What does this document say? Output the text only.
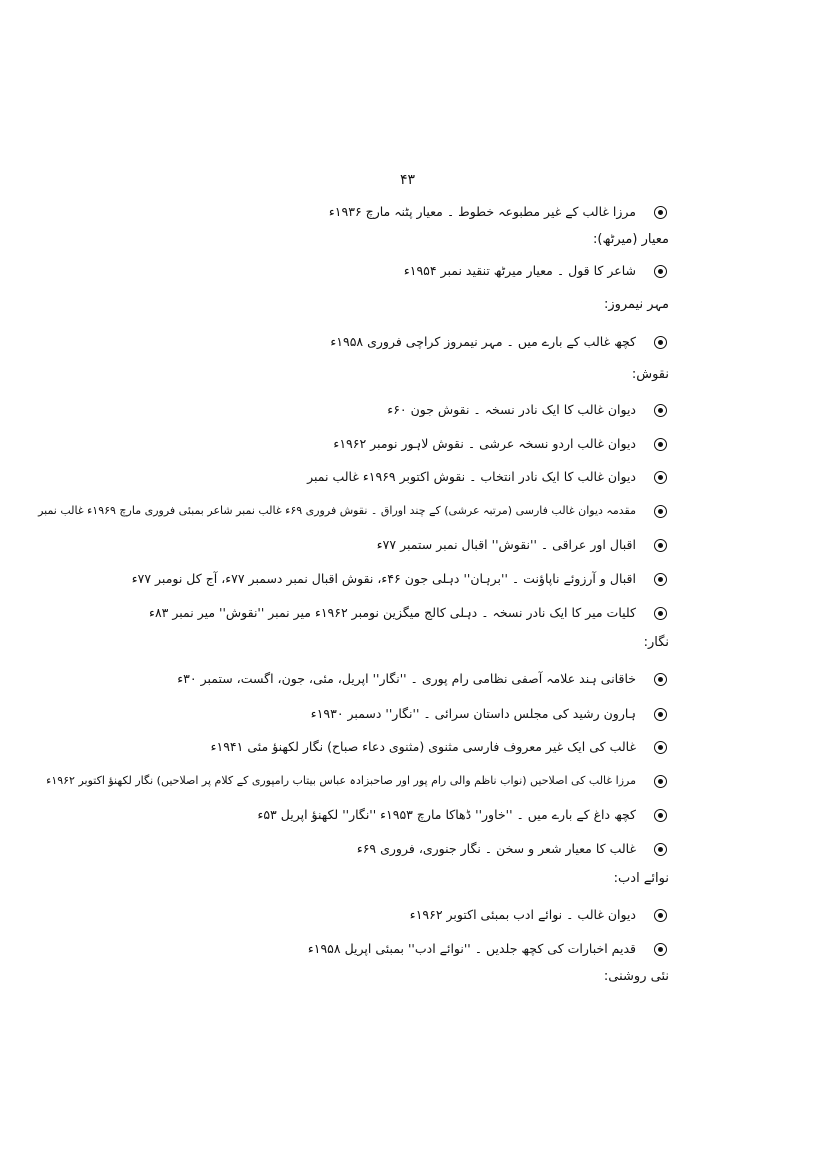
۴۳
مرزا غالب کے غیر مطبوعہ خطوط ۔ معیار پٹنہ مارچ ۱۹۳۶ء
معیار (میرٹھ):
شاعر کا قول ۔ معیار میرٹھ تنقید نمبر ۱۹۵۴ء
مہر نیمروز:
کچھ غالب کے بارے میں ۔ مہر نیمروز کراچی فروری ۱۹۵۸ء
نقوش:
دیوان غالب کا ایک نادر نسخہ ۔ نقوش جون ۶۰ء
دیوان غالب اردو نسخہ عرشی ۔ نقوش لاہور نومبر ۱۹۶۲ء
دیوان غالب کا ایک نادر انتخاب ۔ نقوش اکتوبر ۱۹۶۹ء غالب نمبر
مقدمہ دیوان غالب فارسی (مرتبہ عرشی) کے چند اوراق ۔ نقوش فروری ۶۹ء غالب نمبر شاعر بمبئی فروری مارچ ۱۹۶۹ء غالب نمبر
اقبال اور عراقی ۔ ''نقوش'' اقبال نمبر ستمبر ۷۷ء
اقبال و آرزوئے ناپاؤنت ۔ ''برہان'' دہلی جون ۴۶ء، نقوش اقبال نمبر دسمبر ۷۷ء، آج کل نومبر ۷۷ء
کلیات میر کا ایک نادر نسخہ ۔ دہلی کالج میگزین نومبر ۱۹۶۲ء میر نمبر ''نقوش'' میر نمبر ۸۳ء
نگار:
خاقانی ہند علامہ آصفی نظامی رام پوری ۔ ''نگار'' اپریل، مئی، جون، اگست، ستمبر ۳۰ء
ہارون رشید کی مجلس داستان سرائی ۔ ''نگار'' دسمبر ۱۹۳۰ء
غالب کی ایک غیر معروف فارسی مثنوی (مثنوی دعاء صباح) نگار لکھنؤ مئی ۱۹۴۱ء
مرزا غالب کی اصلاحیں (نواب ناظم والی رام پور اور صاحبزادہ عباس بیتاب رامپوری کے کلام پر اصلاحیں) نگار لکھنؤ اکتوبر ۱۹۶۲ء
کچھ داغ کے بارے میں ۔ ''خاور'' ڈھاکا مارچ ۱۹۵۳ء ''نگار'' لکھنؤ اپریل ۵۳ء
غالب کا معیار شعر و سخن ۔ نگار جنوری، فروری ۶۹ء
نوائے ادب:
دیوان غالب ۔ نوائے ادب بمبئی اکتوبر ۱۹۶۲ء
قدیم اخبارات کی کچھ جلدیں ۔ ''نوائے ادب'' بمبئی اپریل ۱۹۵۸ء
نئی روشنی:
